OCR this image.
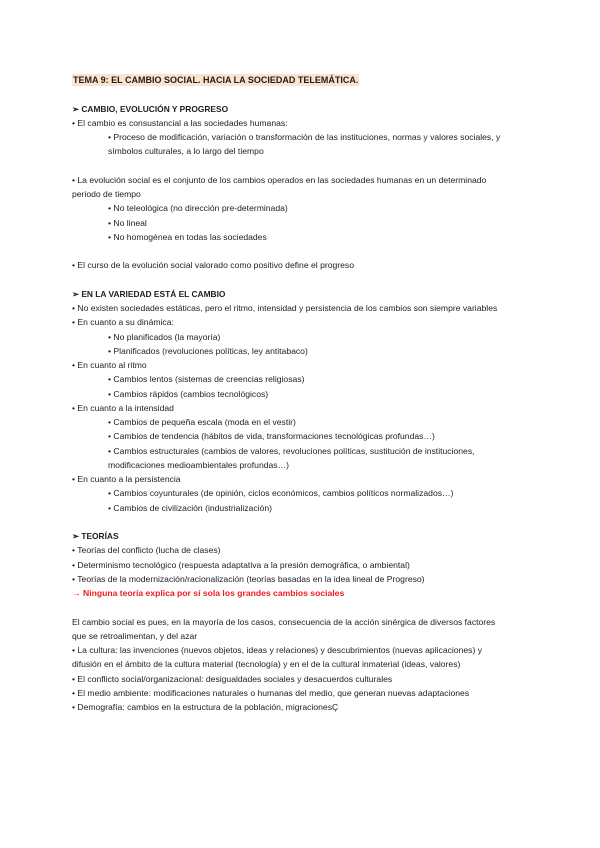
TEMA 9: EL CAMBIO SOCIAL. HACIA LA SOCIEDAD TELEMÁTICA.
➢ CAMBIO, EVOLUCIÓN Y PROGRESO
• El cambio es consustancial a las sociedades humanas:
• Proceso de modificación, variación o transformación de las instituciones, normas y valores sociales, y
símbolos culturales, a lo largo del tiempo
• La evolución social es el conjunto de los cambios operados en las sociedades humanas en un determinado
periodo de tiempo
• No teleológica (no dirección pre-determinada)
• No lineal
• No homogénea en todas las sociedades
• El curso de la evolución social valorado como positivo define el progreso
➢ EN LA VARIEDAD ESTÁ EL CAMBIO
• No existen sociedades estáticas, pero el ritmo, intensidad y persistencia de los cambios son siempre variables
• En cuanto a su dinámica:
• No planificados (la mayoría)
• Planificados (revoluciones políticas, ley antitabaco)
• En cuanto al ritmo
• Cambios lentos (sistemas de creencias religiosas)
• Cambios rápidos (cambios tecnológicos)
• En cuanto a la intensidad
• Cambios de pequeña escala (moda en el vestir)
• Cambios de tendencia (hábitos de vida, transformaciones tecnológicas profundas…)
• Cambios estructurales (cambios de valores, revoluciones políticas, sustitución de instituciones,
modificaciones medioambientales profundas…)
• En cuanto a la persistencia
• Cambios coyunturales (de opinión, ciclos económicos, cambios políticos normalizados…)
• Cambios de civilización (industrialización)
➢ TEORÍAS
• Teorías del conflicto (lucha de clases)
• Determinismo tecnológico (respuesta adaptativa a la presión demográfica, o ambiental)
• Teorías de la modernización/racionalización (teorías basadas en la idea lineal de Progreso)
→ Ninguna teoría explica por sí sola los grandes cambios sociales
El cambio social es pues, en la mayoría de los casos, consecuencia de la acción sinérgica de diversos factores
que se retroalimentan, y del azar
• La cultura: las invenciones (nuevos objetos, ideas y relaciones) y descubrimientos (nuevas aplicaciones) y
difusión en el ámbito de la cultura material (tecnología) y en el de la cultural inmaterial (ideas, valores)
• El conflicto social/organizacional: desigualdades sociales y desacuerdos culturales
• El medio ambiente: modificaciones naturales o humanas del medio, que generan nuevas adaptaciones
• Demografía: cambios en la estructura de la población, migracionesÇ
